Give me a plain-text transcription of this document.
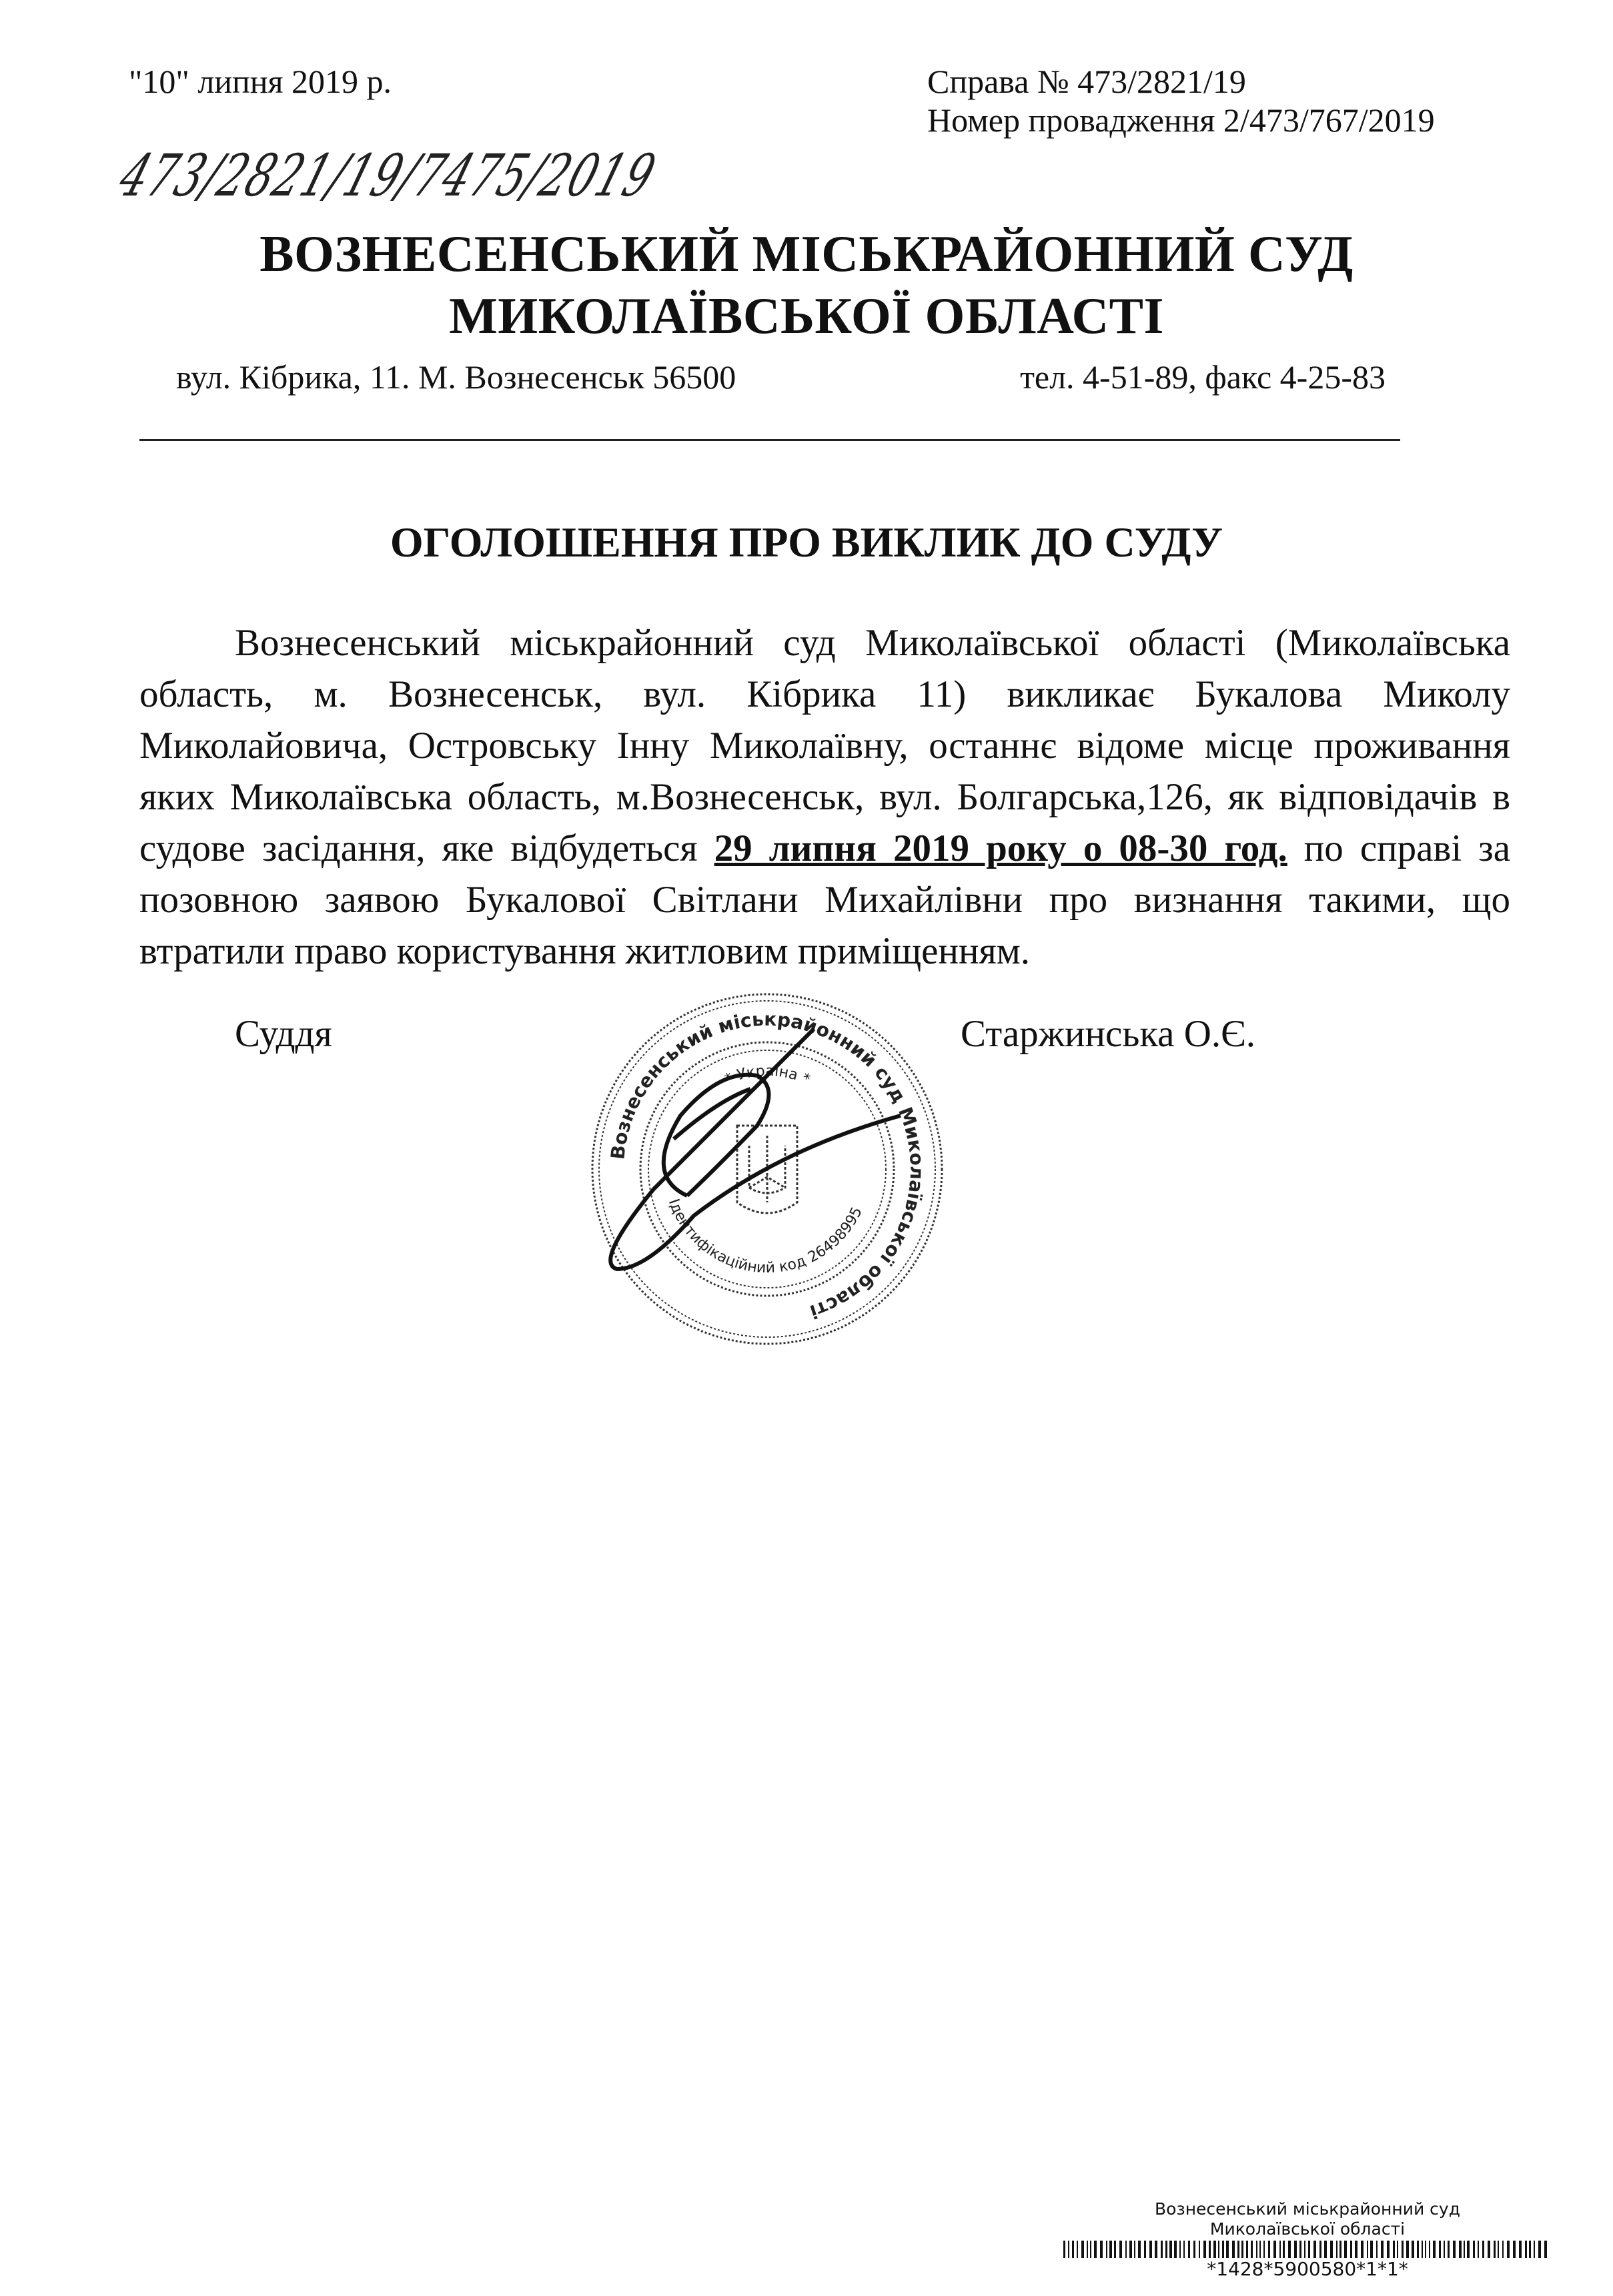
"10" липня 2019 р.	Справа № 473/2821/19
Номер провадження 2/473/767/2019
473/2821/19/7475/2019
ВОЗНЕСЕНСЬКИЙ МІСЬКРАЙОННИЙ СУД
МИКОЛАЇВСЬКОЇ ОБЛАСТІ
вул. Кібрика, 11. М. Вознесенськ 56500	тел. 4-51-89, факс 4-25-83
ОГОЛОШЕННЯ ПРО ВИКЛИК ДО СУДУ
Вознесенський міськрайонний суд Миколаївської області (Миколаївська область, м. Вознесенськ, вул. Кібрика 11) викликає Букалова Миколу Миколайовича, Островську Інну Миколаївну, останнє відоме місце проживання яких Миколаївська область, м.Вознесенськ, вул. Болгарська,126, як відповідачів в судове засідання, яке відбудеться 29 липня 2019 року о 08-30 год. по справі за позовною заявою Букалової Світлани Михайлівни про визнання такими, що втратили право користування житловим приміщенням.
Суддя	Старжинська О.Є.
Вознесенський міськрайонний суд Миколаївської області
Ідентифікаційний код 26498995
* Україна *
Вознесенський міськрайонний суд
Миколаївської області
*1428*5900580*1*1*
